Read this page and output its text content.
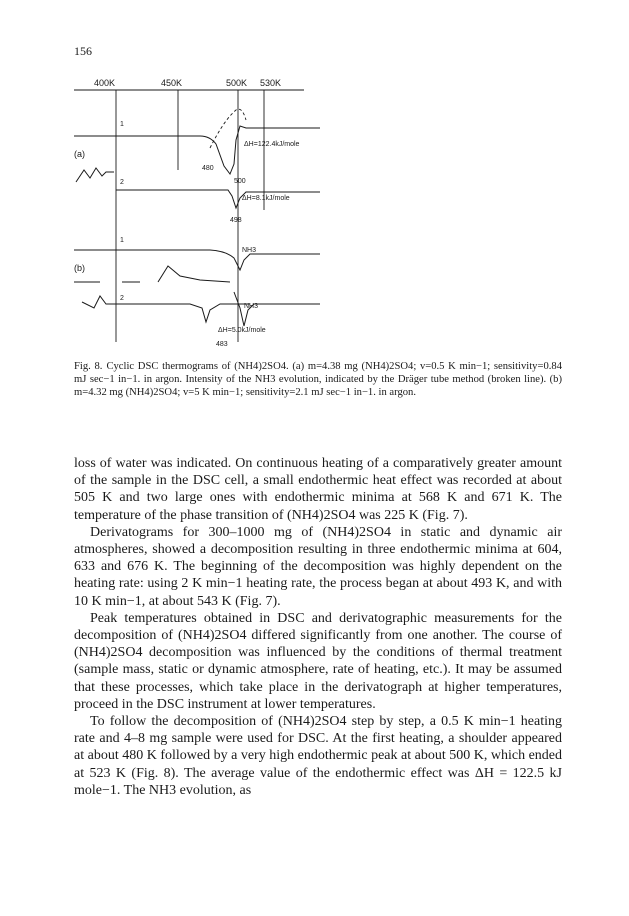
156
400K	450K	500K 530K
(a)
1
480
ΔH=122.4kJ/mole
500
2
ΔH=8.1kJ/mole
498
1
NH3
(b)
2
NH3
ΔH=5.0kJ/mole
483
Fig. 8. Cyclic DSC thermograms of (NH4)2SO4. (a) m=4.38 mg (NH4)2SO4; v=0.5 K min−1; sensitivity=0.84 mJ sec−1 in−1. in argon. Intensity of the NH3 evolution, indicated by the Dräger tube method (broken line). (b) m=4.32 mg (NH4)2SO4; v=5 K min−1; sensitivity=2.1 mJ sec−1 in−1. in argon.

loss of water was indicated. On continuous heating of a comparatively greater amount of the sample in the DSC cell, a small endothermic heat effect was recorded at about 505 K and two large ones with endothermic minima at 568 K and 671 K. The temperature of the phase transition of (NH4)2SO4 was 225 K (Fig. 7).

Derivatograms for 300–1000 mg of (NH4)2SO4 in static and dynamic air atmospheres, showed a decomposition resulting in three endothermic minima at 604, 633 and 676 K. The beginning of the decomposition was highly dependent on the heating rate: using 2 K min−1 heating rate, the process began at about 493 K, and with 10 K min−1, at about 543 K (Fig. 7).

Peak temperatures obtained in DSC and derivatographic measurements for the decomposition of (NH4)2SO4 differed significantly from one another. The course of (NH4)2SO4 decomposition was influenced by the conditions of thermal treatment (sample mass, static or dynamic atmosphere, rate of heating, etc.). It may be assumed that these processes, which take place in the derivatograph at higher temperatures, proceed in the DSC instrument at lower temperatures.

To follow the decomposition of (NH4)2SO4 step by step, a 0.5 K min−1 heating rate and 4–8 mg sample were used for DSC. At the first heating, a shoulder appeared at about 480 K followed by a very high endothermic peak at about 500 K, which ended at 523 K (Fig. 8). The average value of the endothermic effect was ΔH = 122.5 kJ mole−1. The NH3 evolution, as
